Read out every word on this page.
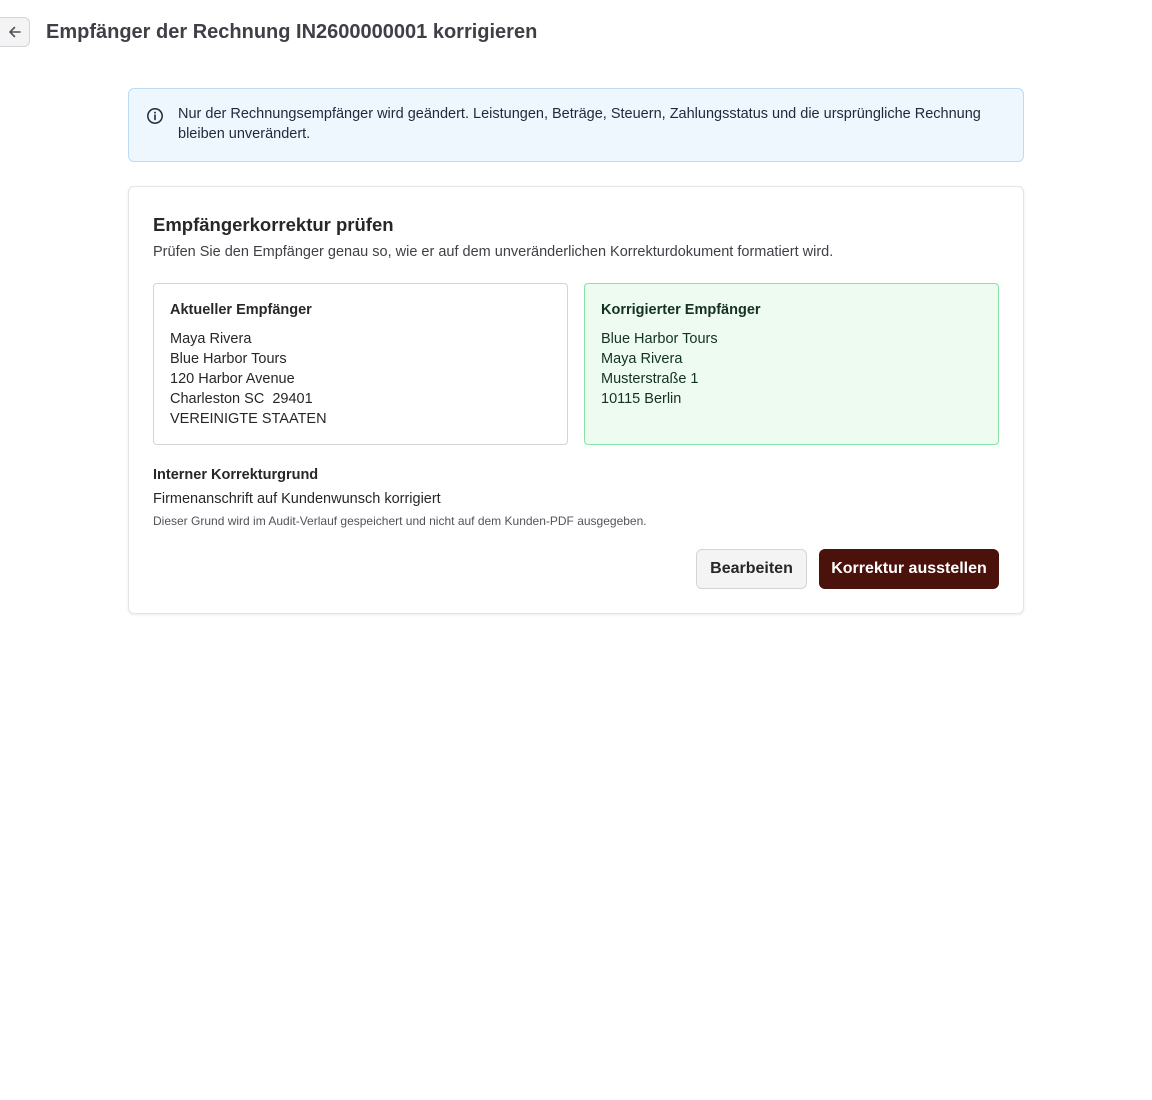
Empfänger der Rechnung IN2600000001 korrigieren

Nur der Rechnungsempfänger wird geändert. Leistungen, Beträge, Steuern, Zahlungsstatus und die ursprüngliche Rechnung bleiben unverändert.

Empfängerkorrektur prüfen

Prüfen Sie den Empfänger genau so, wie er auf dem unveränderlichen Korrekturdokument formatiert wird.

Aktueller Empfänger
Maya Rivera
Blue Harbor Tours
120 Harbor Avenue
Charleston SC  29401
VEREINIGTE STAATEN
Korrigierter Empfänger
Blue Harbor Tours
Maya Rivera
Musterstraße 1
10115 Berlin
Interner Korrekturgrund
Firmenanschrift auf Kundenwunsch korrigiert
Dieser Grund wird im Audit-Verlauf gespeichert und nicht auf dem Kunden-PDF ausgegeben.
Bearbeiten	Korrektur ausstellen
